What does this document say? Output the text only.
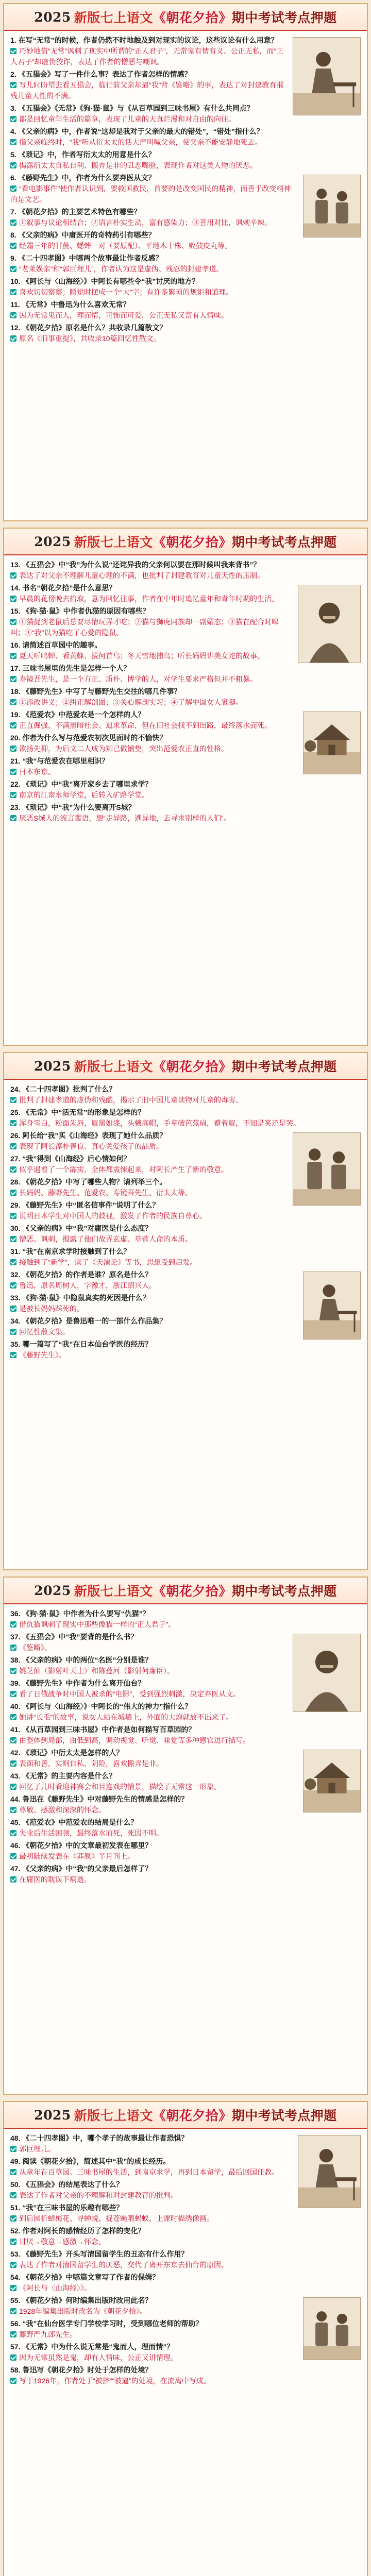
2025 新版七上语文 《朝花夕拾》 期中考试考点押题
1. 在写“无常”的时候，作者仍然不时地触及到对现实的议论，这些议论有什么用意？
巧妙地借“无常”讽刺了现实中所谓的“正人君子”，无常鬼有情有义、公正无私，而“正人君子”却虚伪狡诈，表达了作者的憎恶与嘲讽。
2. 《五猖会》写了一件什么事？表达了作者怎样的情感？
写儿时盼望去看五猖会，临行前父亲却逼“我”背《鉴略》的事，表达了对封建教育摧残儿童天性的不满。
3. 《五猖会》《无常》《狗·猫·鼠》与《从百草园到三味书屋》有什么共同点？
都是回忆童年生活的篇章，表现了儿童的天真烂漫和对自由的向往。
4. 《父亲的病》中，作者说“这却是我对于父亲的最大的错处”，“错处”指什么？
指父亲临终时，“我”听从衍太太的话大声叫喊父亲，使父亲不能安静地死去。
5. 《琐记》中，作者写衍太太的用意是什么？
揭露衍太太自私自利、搬弄是非的丑恶嘴脸，表现作者对这类人物的厌恶。
6. 《藤野先生》中，作者为什么要弃医从文？
“看电影事件”使作者认识到，要救国救民，首要的是改变国民的精神，而善于改变精神的是文艺。
7. 《朝花夕拾》的主要艺术特色有哪些？
①叙事与议论相结合；②语言朴实生动，富有感染力；③善用对比，讽刺辛辣。
8. 《父亲的病》中庸医开的奇特药引有哪些？
经霜三年的甘蔗、蟋蟀一对（要原配）、平地木十株、败鼓皮丸等。
9. 《二十四孝图》中哪两个故事最让作者反感？
“老莱娱亲”和“郭巨埋儿”，作者认为这是虚伪、残忍的封建孝道。
10. 《阿长与〈山海经〉》中阿长有哪些令“我”讨厌的地方？
喜欢切切察察；睡觉时摆成一个“大”字；有许多繁琐的规矩和道理。
11. 《无常》中鲁迅为什么喜欢无常？
因为无常鬼而人，理而情，可怖而可爱，公正无私又富有人情味。
12. 《朝花夕拾》原名是什么？共收录几篇散文？
原名《旧事重提》，共收录10篇回忆性散文。
2025 新版七上语文 《朝花夕拾》 期中考试考点押题
13. 《五猖会》中“我”为什么说“还诧异我的父亲何以要在那时候叫我来背书”？
表达了对父亲不理解儿童心理的不满，也批判了封建教育对儿童天性的压制。
14. 书名“朝花夕拾”是什么意思？
早晨的花傍晚去拾取，意为回忆往事，作者在中年时追忆童年和青年时期的生活。
15. 《狗·猫·鼠》中作者仇猫的原因有哪些？
①猫捉到老鼠后总要尽情玩弄才吃；②猫与狮虎同族却一副媚态；③猫在配合时嗥叫；④“我”以为猫吃了心爱的隐鼠。
16. 请简述百草园中的趣事。
夏天听鸣蝉、看黄蜂、拔何首乌；冬天雪地捕鸟；听长妈妈讲美女蛇的故事。
17. 三味书屋里的先生是怎样一个人？
寿镜吾先生，是一个方正、质朴、博学的人，对学生要求严格但并不粗暴。
18. 《藤野先生》中写了与藤野先生交往的哪几件事？
①添改讲义；②纠正解剖图；③关心解剖实习；④了解中国女人裹脚。
19. 《范爱农》中范爱农是一个怎样的人？
正直倔强、不满黑暗社会、追求革命，但在旧社会找不到出路，最终落水而死。
20. 作者为什么写与范爱农初次见面时的不愉快？
欲扬先抑，为后文二人成为知己做铺垫，突出范爱农正直的性格。
21. “我”与范爱农在哪里相识？
日本东京。
22. 《琐记》中“我”离开家乡去了哪里求学？
南京的江南水师学堂，后转入矿路学堂。
23. 《琐记》中“我”为什么要离开S城？
厌恶S城人的流言蜚语，想“走异路，逃异地，去寻求别样的人们”。
2025 新版七上语文 《朝花夕拾》 期中考试考点押题
24. 《二十四孝图》批判了什么？
批判了封建孝道的虚伪和残酷，揭示了旧中国儿童读物对儿童的毒害。
25. 《无常》中“活无常”的形象是怎样的？
浑身雪白，粉面朱唇，眉黑如漆，头戴高帽，手拿破芭蕉扇，蹙着眉，不知是笑还是哭。
26. 阿长给“我”买《山海经》表现了她什么品质？
表现了阿长淳朴善良、真心关爱孩子的品质。
27. “我”得到《山海经》后心情如何？
似乎遇着了一个霹雳，全体都震悚起来，对阿长产生了新的敬意。
28. 《朝花夕拾》中写了哪些人物？请列举三个。
长妈妈、藤野先生、范爱农、寿镜吾先生、衍太太等。
29. 《藤野先生》中“匿名信事件”说明了什么？
说明日本学生对中国人的歧视，激发了作者的民族自尊心。
30. 《父亲的病》中“我”对庸医是什么态度？
憎恶、讽刺，揭露了他们故弄玄虚、草菅人命的本质。
31. “我”在南京求学时接触到了什么？
接触到了“新学”，读了《天演论》等书，思想受到启发。
32. 《朝花夕拾》的作者是谁？原名是什么？
鲁迅，原名周树人，字豫才，浙江绍兴人。
33. 《狗·猫·鼠》中隐鼠真实的死因是什么？
是被长妈妈踩死的。
34. 《朝花夕拾》是鲁迅唯一的一部什么作品集？
回忆性散文集。
35. 哪一篇写了“我”在日本仙台学医的经历？
《藤野先生》。
2025 新版七上语文 《朝花夕拾》 期中考试考点押题
36. 《狗·猫·鼠》中作者为什么要写“仇猫”？
借仇猫讽刺了现实中那些像猫一样的“正人君子”。
37. 《五猖会》中“我”要背的是什么书？
《鉴略》。
38. 《父亲的病》中的两位“名医”分别是谁？
姚芝仙（影射叶天士）和陈莲河（影射何廉臣）。
39. 《藤野先生》中作者为什么离开仙台？
看了日俄战争时中国人被杀的“电影”，受到强烈刺激，决定弃医从文。
40. 《阿长与〈山海经〉》中阿长的“伟大的神力”指什么？
她讲“长毛”的故事，说女人站在城墙上，外面的大炮就放不出来了。
41. 《从百草园到三味书屋》中作者是如何描写百草园的？
由整体到局部，由低到高，调动视觉、听觉、味觉等多种感官进行描写。
42. 《琐记》中衍太太是怎样的人？
表面和善，实则自私、阴险，喜欢搬弄是非。
43. 《无常》的主要内容是什么？
回忆了儿时看迎神赛会和目连戏的情景，描绘了无常这一形象。
44. 鲁迅在《藤野先生》中对藤野先生的情感是怎样的？
尊敬、感激和深深的怀念。
45. 《范爱农》中范爱农的结局是什么？
失业后生活困顿，最终落水而死，死因不明。
46. 《朝花夕拾》中的文章最初发表在哪里？
最初陆续发表在《莽原》半月刊上。
47. 《父亲的病》中“我”的父亲最后怎样了？
在庸医的耽误下病逝。
2025 新版七上语文 《朝花夕拾》 期中考试考点押题
48. 《二十四孝图》中，哪个孝子的故事最让作者恐惧？
郭巨埋儿。
49. 阅读《朝花夕拾》，简述其中“我”的成长经历。
从童年在百草园、三味书屋的生活，到南京求学，再到日本留学，最后回国任教。
50. 《五猖会》的结尾表达了什么？
表达了作者对父亲的不理解和对封建教育的批判。
51. “我”在三味书屋的乐趣有哪些？
到后园折蜡梅花、寻蝉蜕、捉苍蝇喂蚂蚁，上课时描绣像画。
52. 作者对阿长的感情经历了怎样的变化？
讨厌→敬意→感激→怀念。
53. 《藤野先生》开头写清国留学生的丑态有什么作用？
表达了作者对清国留学生的厌恶，交代了离开东京去仙台的原因。
54. 《朝花夕拾》中哪篇文章写了作者的保姆？
《阿长与〈山海经〉》。
55. 《朝花夕拾》何时编集出版时改用此名？
1928年编集出版时改名为《朝花夕拾》。
56. “我”在仙台医学专门学校学习时，受到哪位老师的帮助？
藤野严九郎先生。
57. 《无常》中为什么说无常是“鬼而人，理而情”？
因为无常虽然是鬼，却有人情味，公正又讲情理。
58. 鲁迅写《朝花夕拾》时处于怎样的处境？
写于1926年，作者处于“被挤”“被逼”的处境，在流离中写成。
